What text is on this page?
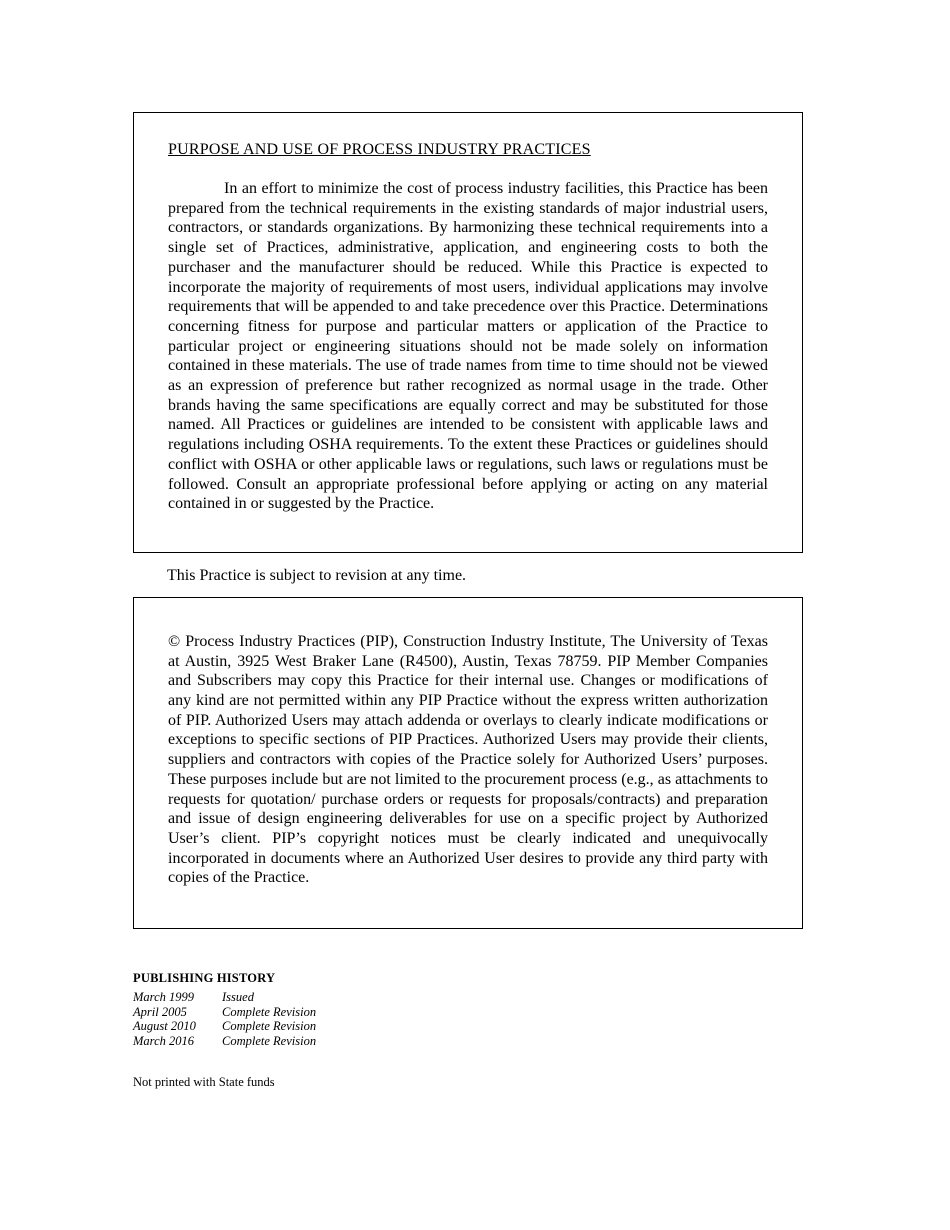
PURPOSE AND USE OF PROCESS INDUSTRY PRACTICES

In an effort to minimize the cost of process industry facilities, this Practice has been prepared from the technical requirements in the existing standards of major industrial users, contractors, or standards organizations. By harmonizing these technical requirements into a single set of Practices, administrative, application, and engineering costs to both the purchaser and the manufacturer should be reduced. While this Practice is expected to incorporate the majority of requirements of most users, individual applications may involve requirements that will be appended to and take precedence over this Practice. Determinations concerning fitness for purpose and particular matters or application of the Practice to particular project or engineering situations should not be made solely on information contained in these materials. The use of trade names from time to time should not be viewed as an expression of preference but rather recognized as normal usage in the trade. Other brands having the same specifications are equally correct and may be substituted for those named. All Practices or guidelines are intended to be consistent with applicable laws and regulations including OSHA requirements. To the extent these Practices or guidelines should conflict with OSHA or other applicable laws or regulations, such laws or regulations must be followed. Consult an appropriate professional before applying or acting on any material contained in or suggested by the Practice.

This Practice is subject to revision at any time.

© Process Industry Practices (PIP), Construction Industry Institute, The University of Texas at Austin, 3925 West Braker Lane (R4500), Austin, Texas 78759. PIP Member Companies and Subscribers may copy this Practice for their internal use. Changes or modifications of any kind are not permitted within any PIP Practice without the express written authorization of PIP. Authorized Users may attach addenda or overlays to clearly indicate modifications or exceptions to specific sections of PIP Practices. Authorized Users may provide their clients, suppliers and contractors with copies of the Practice solely for Authorized Users’ purposes. These purposes include but are not limited to the procurement process (e.g., as attachments to requests for quotation/ purchase orders or requests for proposals/contracts) and preparation and issue of design engineering deliverables for use on a specific project by Authorized User’s client. PIP’s copyright notices must be clearly indicated and unequivocally incorporated in documents where an Authorized User desires to provide any third party with copies of the Practice.

PUBLISHING HISTORY
March 1999	Issued
April 2005	Complete Revision
August 2010	Complete Revision
March 2016	Complete Revision

Not printed with State funds
